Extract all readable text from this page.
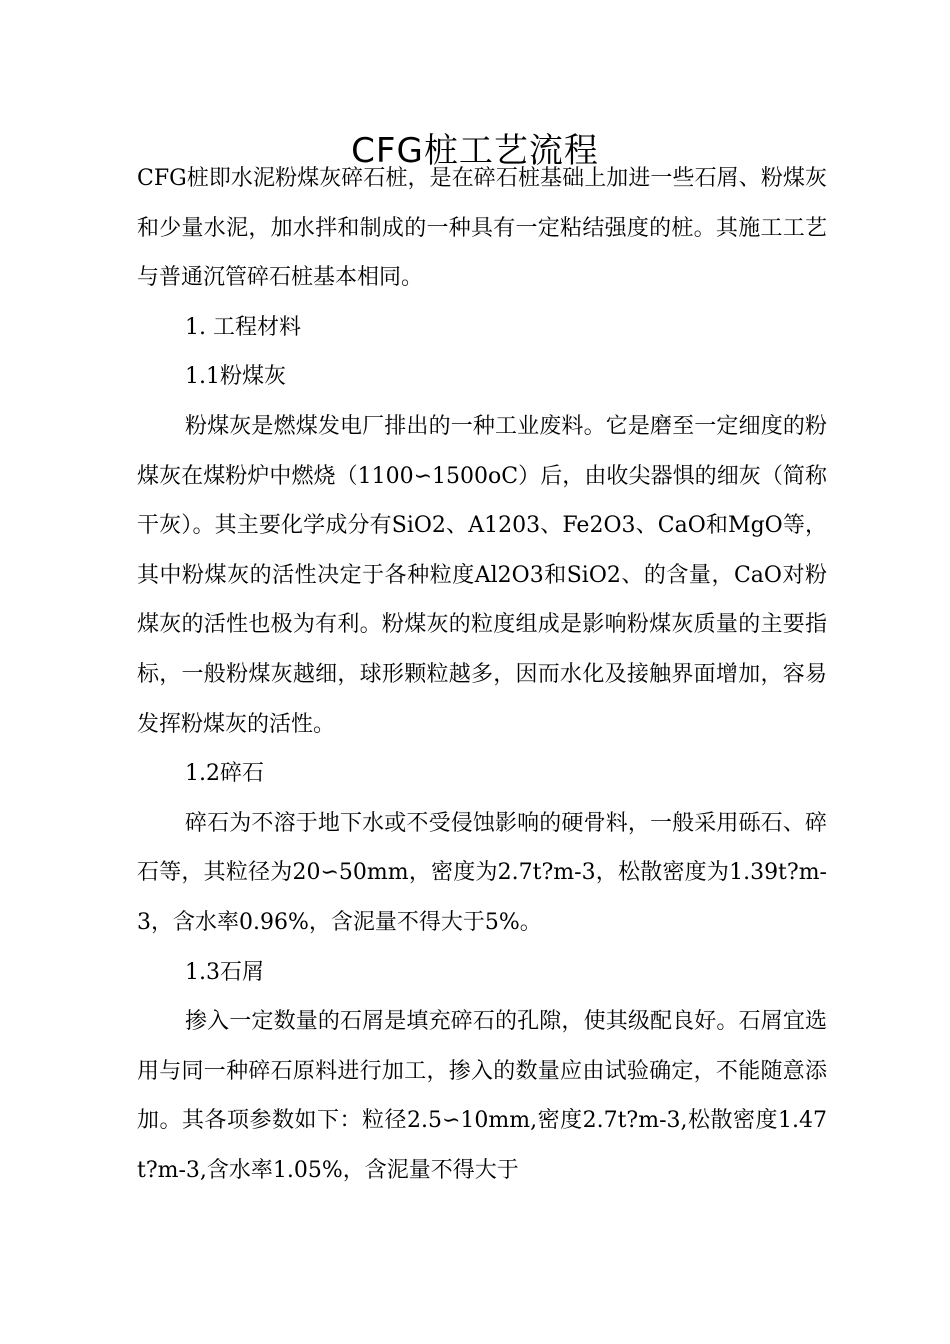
CFG桩工艺流程

CFG桩即水泥粉煤灰碎石桩，是在碎石桩基础上加进一些石屑、粉煤灰和少量水泥，加水拌和制成的一种具有一定粘结强度的桩。其施工工艺与普通沉管碎石桩基本相同。

1. 工程材料

1.1粉煤灰

粉煤灰是燃煤发电厂排出的一种工业废料。它是磨至一定细度的粉煤灰在煤粉炉中燃烧（1100∽1500oC）后，由收尖器惧的细灰（简称干灰）。其主要化学成分有SiO2、A1203、Fe2O3、CaO和MgO等，其中粉煤灰的活性决定于各种粒度Al2O3和SiO2、的含量，CaO对粉煤灰的活性也极为有利。粉煤灰的粒度组成是影响粉煤灰质量的主要指标，一般粉煤灰越细，球形颗粒越多，因而水化及接触界面增加，容易发挥粉煤灰的活性。

1.2碎石

碎石为不溶于地下水或不受侵蚀影响的硬骨料，一般采用砾石、碎石等，其粒径为20∽50mm，密度为2.7t?m-3，松散密度为1.39t?m-3，含水率0.96%，含泥量不得大于5%。

1.3石屑

掺入一定数量的石屑是填充碎石的孔隙，使其级配良好。石屑宜选用与同一种碎石原料进行加工，掺入的数量应由试验确定，不能随意添加。其各项参数如下：粒径2.5∽10mm,密度2.7t?m-3,松散密度1.47t?m-3,含水率1.05%，含泥量不得大于
